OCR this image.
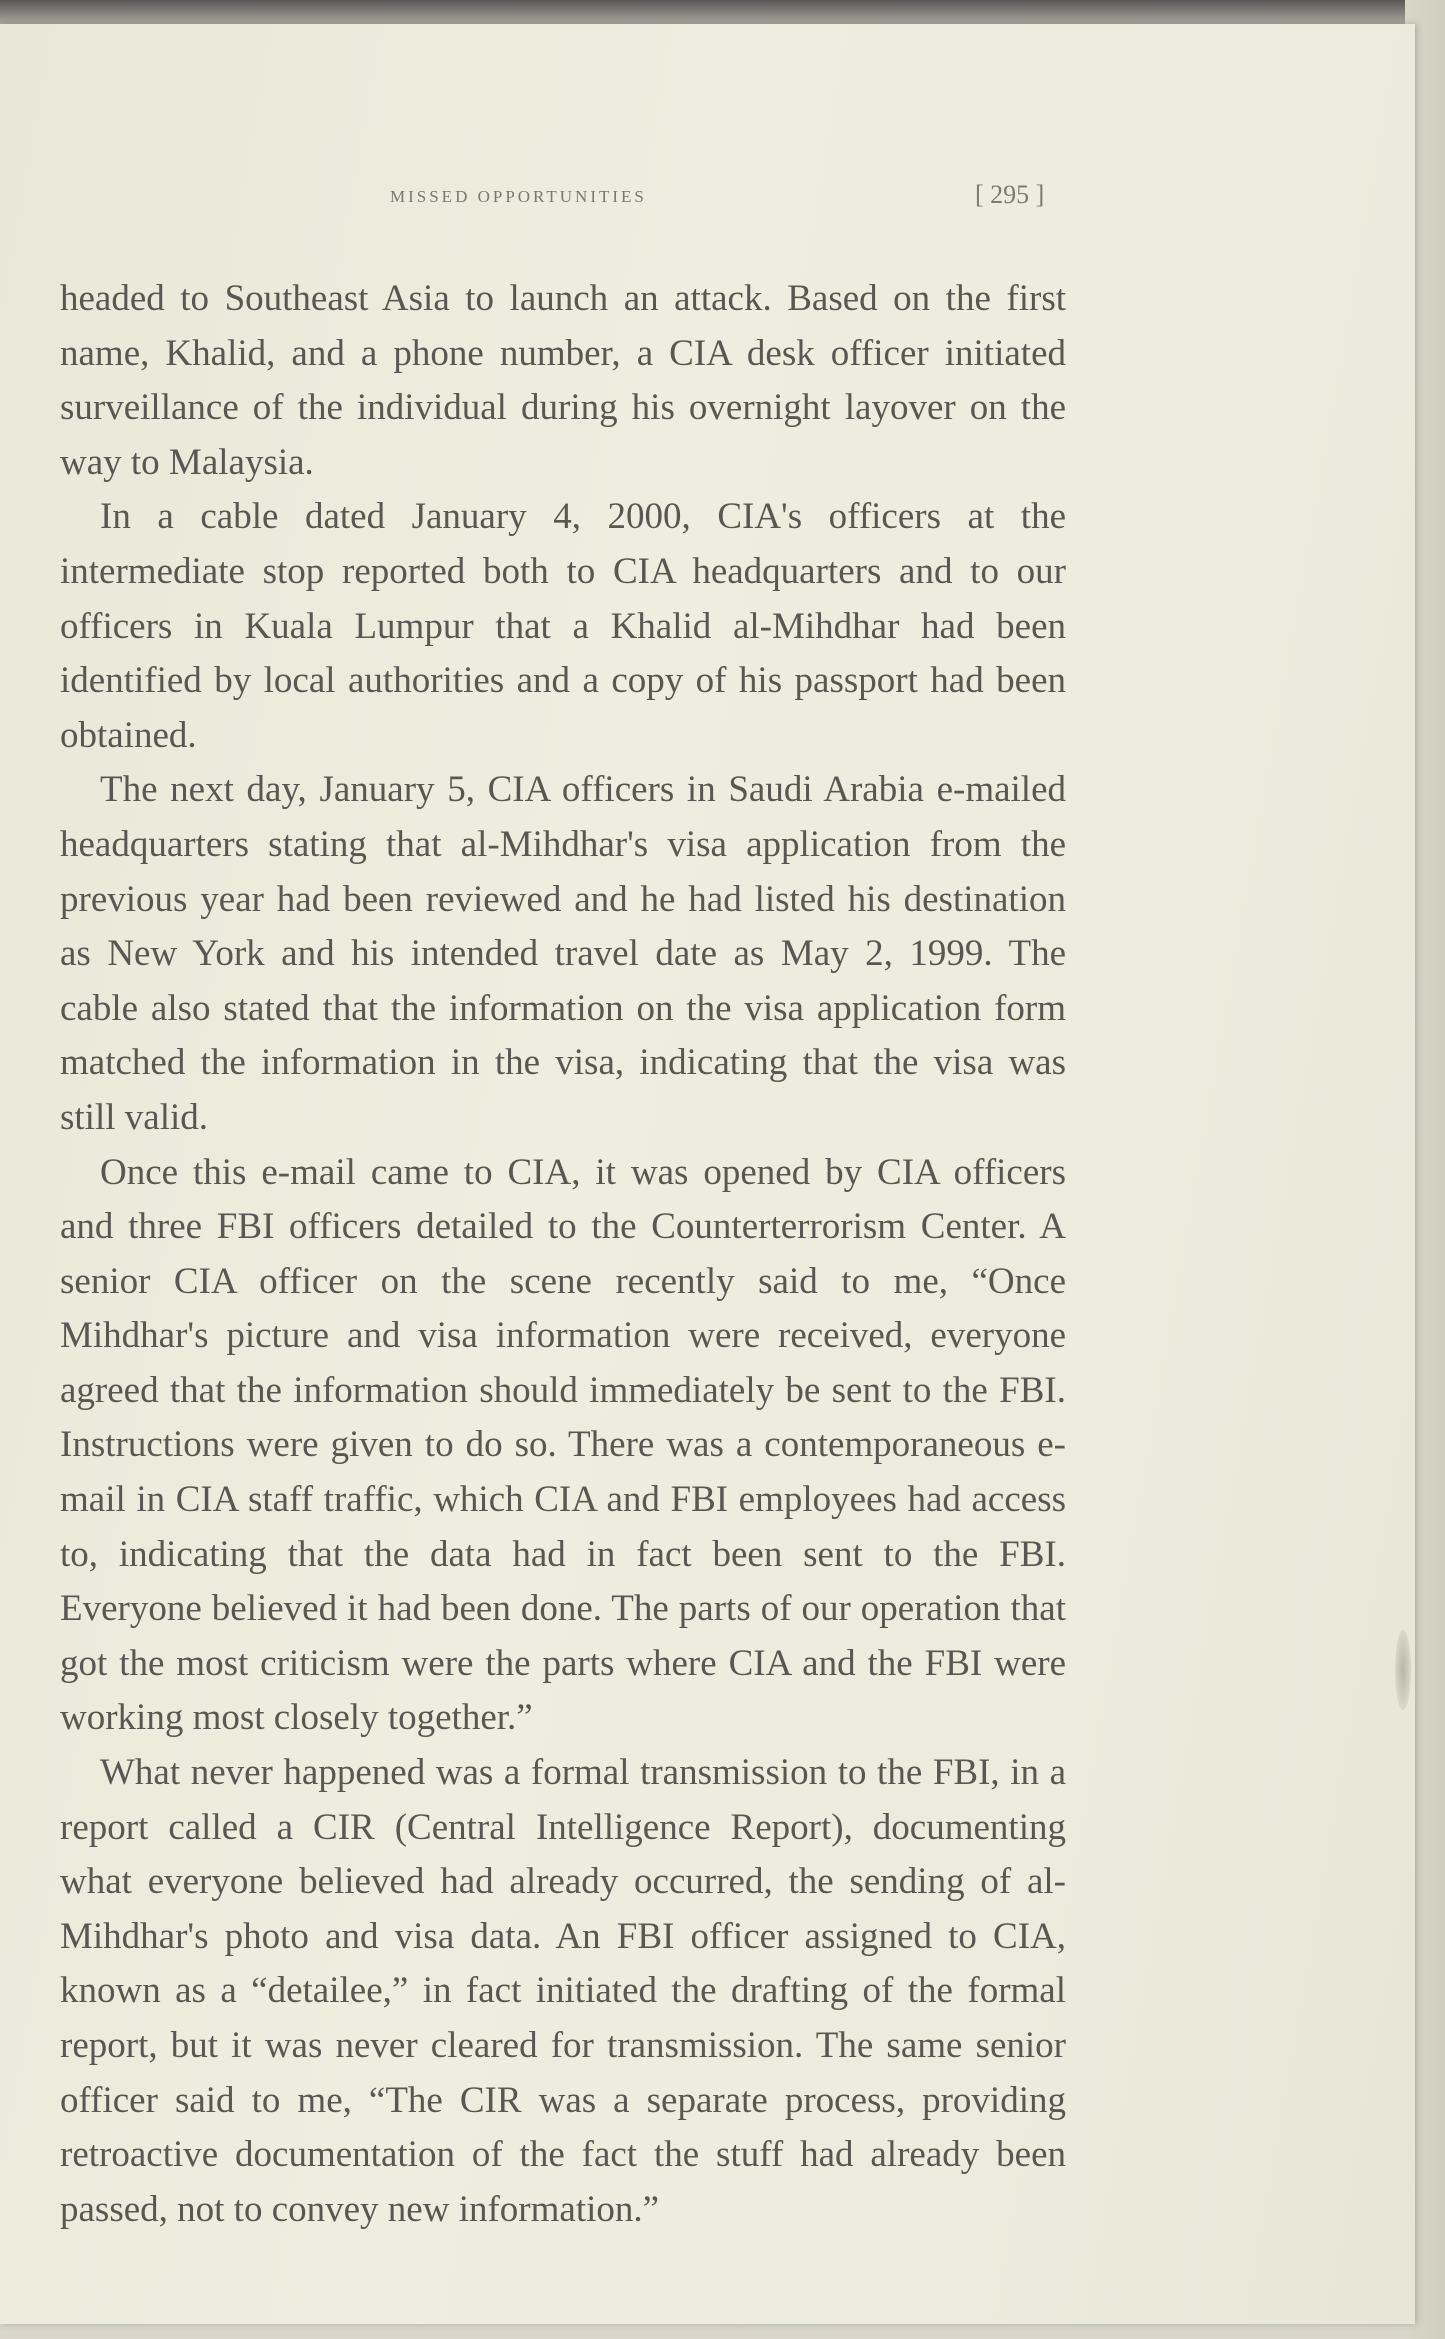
MISSED OPPORTUNITIES	[ 295 ]

headed to Southeast Asia to launch an attack. Based on the first name, Khalid, and a phone number, a CIA desk officer initiated surveillance of the individual during his overnight layover on the way to Malaysia.

In a cable dated January 4, 2000, CIA's officers at the intermediate stop reported both to CIA headquarters and to our officers in Kuala Lumpur that a Khalid al-Mihdhar had been identified by local authorities and a copy of his passport had been obtained.

The next day, January 5, CIA officers in Saudi Arabia e-mailed headquarters stating that al-Mihdhar's visa application from the previous year had been reviewed and he had listed his destination as New York and his intended travel date as May 2, 1999. The cable also stated that the information on the visa application form matched the information in the visa, indicating that the visa was still valid.

Once this e-mail came to CIA, it was opened by CIA officers and three FBI officers detailed to the Counterterrorism Center. A senior CIA officer on the scene recently said to me, “Once Mihdhar's picture and visa information were received, everyone agreed that the information should immediately be sent to the FBI. Instructions were given to do so. There was a contemporaneous e-mail in CIA staff traffic, which CIA and FBI employees had access to, indicating that the data had in fact been sent to the FBI. Everyone believed it had been done. The parts of our operation that got the most criticism were the parts where CIA and the FBI were working most closely together.”

What never happened was a formal transmission to the FBI, in a report called a CIR (Central Intelligence Report), documenting what everyone believed had already occurred, the sending of al-Mihdhar's photo and visa data. An FBI officer assigned to CIA, known as a “detailee,” in fact initiated the drafting of the formal report, but it was never cleared for transmission. The same senior officer said to me, “The CIR was a separate process, providing retroactive documentation of the fact the stuff had already been passed, not to convey new information.”
